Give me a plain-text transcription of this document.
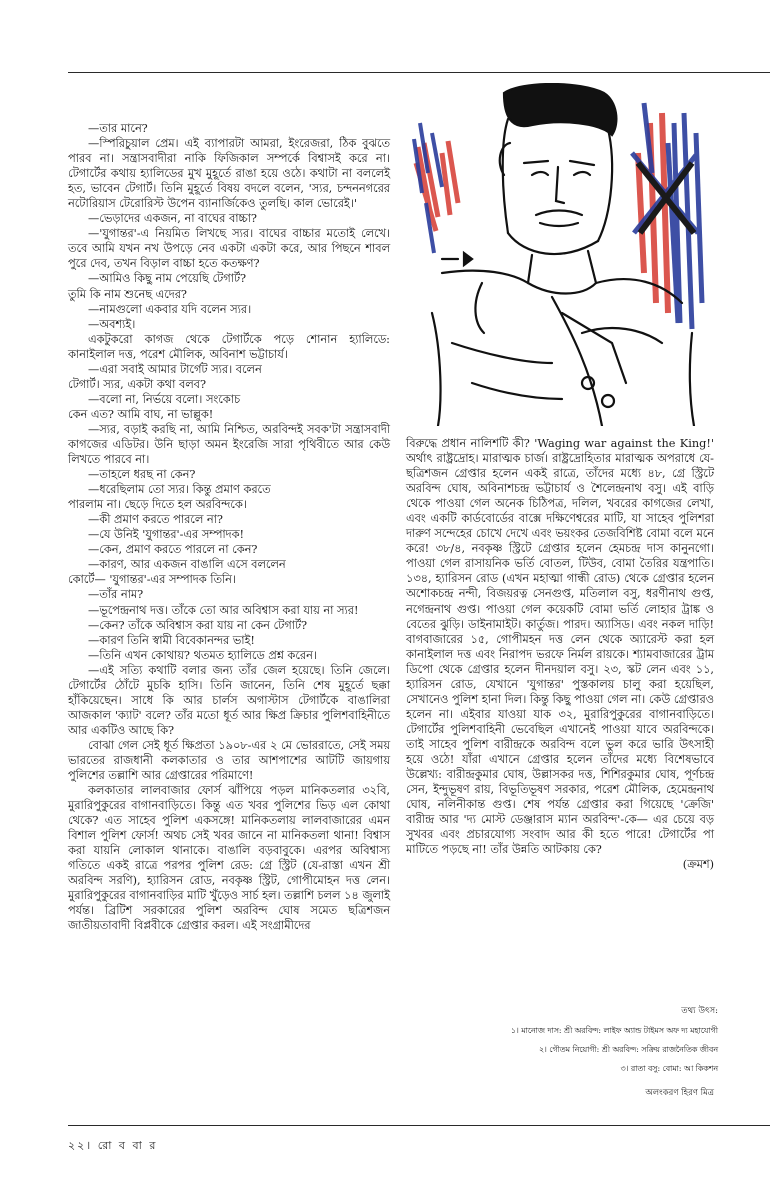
—তার মানে?

—স্পিরিচুয়াল প্রেম। এই ব্যাপারটা আমরা, ইংরেজরা, ঠিক বুঝতে পারব না। সন্ত্রাসবাদীরা নাকি ফিজিকাল সম্পর্কে বিশ্বাসই করে না। টেগার্টের কথায় হ্যালিডের মুখ মুহূর্তে রাঙা হয়ে ওঠে। কথাটা না বললেই হত, ভাবেন টেগার্ট। তিনি মুহূর্তে বিষয় বদলে বলেন, 'স্যর, চন্দননগরের নটোরিয়াস টেরোরিস্ট উপেন ব্যানার্জিকেও তুলছি। কাল ভোরেই।'

—ভেড়াদের একজন, না বাঘের বাচ্চা?

—'যুগান্তর'-এ নিয়মিত লিখছে স্যর। বাঘের বাচ্চার মতোই লেখে। তবে আমি যখন নখ উপড়ে নেব একটা একটা করে, আর পিছনে শাবল পুরে দেব, তখন বিড়াল বাচ্চা হতে কতক্ষণ?

—আমিও কিছু নাম পেয়েছি টেগার্ট?

তুমি কি নাম শুনেছ এদের?

—নামগুলো একবার যদি বলেন স্যর।

—অবশ্যই।

একটুকরো কাগজ থেকে টেগার্টকে পড়ে শোনান হ্যালিডে: কানাইলাল দত্ত, পরেশ মৌলিক, অবিনাশ ভট্টাচার্য।

—এরা সবাই আমার টার্গেট স্যর। বলেন

টেগার্ট। স্যর, একটা কথা বলব?

—বলো না, নির্ভয়ে বলো। সংকোচ

কেন এত? আমি বাঘ, না ভাল্লুক!

—স্যর, বড়াই করছি না, আমি নিশ্চিত, অরবিন্দই সবক'টা সন্ত্রাসবাদী কাগজের এডিটর। উনি ছাড়া অমন ইংরেজি সারা পৃথিবীতে আর কেউ লিখতে পারবে না।

—তাহলে ধরছ না কেন?

—ধরেছিলাম তো স্যর। কিন্তু প্রমাণ করতে

পারলাম না। ছেড়ে দিতে হল অরবিন্দকে।

—কী প্রমাণ করতে পারলে না?

—যে উনিই 'যুগান্তর'-এর সম্পাদক!

—কেন, প্রমাণ করতে পারলে না কেন?

—কারণ, আর একজন বাঙালি এসে বললেন

কোর্টে— 'যুগান্তর'-এর সম্পাদক তিনি।

—তাঁর নাম?

—ভূপেন্দ্রনাথ দত্ত। তাঁকে তো আর অবিশ্বাস করা যায় না স্যর!

—কেন? তাঁকে অবিশ্বাস করা যায় না কেন টেগার্ট?

—কারণ তিনি স্বামী বিবেকানন্দর ভাই!

—তিনি এখন কোথায়? থতমত হ্যালিডে প্রশ্ন করেন।

—এই সত্যি কথাটি বলার জন্য তাঁর জেল হয়েছে। তিনি জেলে। টেগার্টের ঠোঁটে মুচকি হাসি। তিনি জানেন, তিনি শেষ মুহূর্তে ছক্কা হাঁকিয়েছেন। সাধে কি আর চার্লস অগাস্টাস টেগার্টকে বাঙালিরা আজকাল 'ক্যাট' বলে? তাঁর মতো ধূর্ত আর ক্ষিপ্র ক্রিচার পুলিশবাহিনীতে আর একটিও আছে কি?

বোঝা গেল সেই ধূর্ত ক্ষিপ্রতা ১৯০৮-এর ২ মে ভোররাতে, সেই সময় ভারতের রাজধানী কলকাতার ও তার আশপাশের আটটি জায়গায় পুলিশের তল্লাশি আর গ্রেপ্তারের পরিমাণে!

কলকাতার লালবাজার ফোর্স ঝাঁপিয়ে পড়ল মানিকতলার ৩২বি, মুরারিপুকুরের বাগানবাড়িতে। কিন্তু এত খবর পুলিশের ভিড় এল কোথা থেকে? এত সাহেব পুলিশ একসঙ্গে! মানিকতলায় লালবাজারের এমন বিশাল পুলিশ ফোর্স! অথচ সেই খবর জানে না মানিকতলা থানা! বিশ্বাস করা যায়নি লোকাল থানাকে। বাঙালি বড়বাবুকে। এরপর অবিশ্বাস্য গতিতে একই রাত্রে পরপর পুলিশ রেড: গ্রে স্ট্রিট (যে-রাস্তা এখন শ্রী অরবিন্দ সরণি), হ্যারিসন রোড, নবকৃষ্ণ স্ট্রিট, গোপীমোহন দত্ত লেন। মুরারিপুকুরের বাগানবাড়ির মাটি খুঁড়েও সার্চ হল। তল্লাশি চলল ১৪ জুলাই পর্যন্ত। ব্রিটিশ সরকারের পুলিশ অরবিন্দ ঘোষ সমেত ছত্রিশজন জাতীয়তাবাদী বিপ্লবীকে গ্রেপ্তার করল। এই সংগ্রামীদের

বিরুদ্ধে প্রধান নালিশটি কী? 'Waging war against the King!' অর্থাৎ রাষ্ট্রদ্রোহ। মারাত্মক চার্জ। রাষ্ট্রদ্রোহিতার মারাত্মক অপরাধে যে-ছত্রিশজন গ্রেপ্তার হলেন একই রাত্রে, তাঁদের মধ্যে ৪৮, গ্রে স্ট্রিটে অরবিন্দ ঘোষ, অবিনাশচন্দ্র ভট্টাচার্য ও শৈলেন্দ্রনাথ বসু। এই বাড়ি থেকে পাওয়া গেল অনেক চিঠিপত্র, দলিল, খবরের কাগজের লেখা, এবং একটি কার্ডবোর্ডের বাক্সে দক্ষিণেশ্বরের মাটি, যা সাহেব পুলিশরা দারুণ সন্দেহের চোখে দেখে এবং ভয়ংকর তেজবিশিষ্ট বোমা বলে মনে করে! ৩৮/৪, নবকৃষ্ণ স্ট্রিটে গ্রেপ্তার হলেন হেমচন্দ্র দাস কানুনগো। পাওয়া গেল রাসায়নিক ভর্তি বোতল, টিউব, বোমা তৈরির যন্ত্রপাতি। ১৩৪, হ্যারিসন রোড (এখন মহাত্মা গান্ধী রোড) থেকে গ্রেপ্তার হলেন অশোকচন্দ্র নন্দী, বিজয়রত্ন সেনগুপ্ত, মতিলাল বসু, ধরণীনাথ গুপ্ত, নগেন্দ্রনাথ গুপ্ত। পাওয়া গেল কয়েকটি বোমা ভর্তি লোহার ট্রাঙ্ক ও বেতের ঝুড়ি। ডাইনামাইট। কার্তুজ। পারদ। অ্যাসিড। এবং নকল দাড়ি! বাগবাজারের ১৫, গোপীমহন দত্ত লেন থেকে অ্যারেস্ট করা হল কানাইলাল দত্ত এবং নিরাপদ ভরফে নির্মল রায়কে। শ্যামবাজারের ট্রাম ডিপো থেকে গ্রেপ্তার হলেন দীনদয়াল বসু। ২৩, স্কট লেন এবং ১১, হ্যারিসন রোড, যেখানে 'যুগান্তর' পুস্তকালয় চালু করা হয়েছিল, সেখানেও পুলিশ হানা দিল। কিন্তু কিছু পাওয়া গেল না। কেউ গ্রেপ্তারও হলেন না। এইবার যাওয়া যাক ৩২, মুরারিপুকুরের বাগানবাড়িতে। টেগার্টের পুলিশবাহিনী ভেবেছিল এখানেই পাওয়া যাবে অরবিন্দকে। তাই সাহেব পুলিশ বারীন্দ্রকে অরবিন্দ বলে ভুল করে ভারি উৎসাহী হয়ে ওঠে! যাঁরা এখানে গ্রেপ্তার হলেন তাঁদের মধ্যে বিশেষভাবে উল্লেখ্য: বারীন্দ্রকুমার ঘোষ, উল্লাসকর দত্ত, শিশিরকুমার ঘোষ, পূর্ণচন্দ্র সেন, ইন্দুভূষণ রায়, বিভূতিভূষণ সরকার, পরেশ মৌলিক, হেমেন্দ্রনাথ ঘোষ, নলিনীকান্ত গুপ্ত। শেষ পর্যন্ত গ্রেপ্তার করা গিয়েছে 'ক্রেজি' বারীন্দ্র আর 'দ্য মোস্ট ডেঞ্জারাস ম্যান অরবিন্দ'-কে— এর চেয়ে বড় সুখবর এবং প্রচারযোগ্য সংবাদ আর কী হতে পারে! টেগার্টের পা মাটিতে পড়ছে না! তাঁর উন্নতি আটকায় কে?

(ক্রমশ)

তথ্য উৎস:
১। মানোজ দাস: শ্রী অরবিন্দ: লাইফ অ্যান্ড টাইমস অফ দ্য মহাযোগী
২। গৌতম নিয়োগী: শ্রী অরবিন্দ: সক্রিয় রাজনৈতিক জীবন
৩। রাতা বসু: বোমা: আ কিকশন
অলংকরণ হিরণ মিত্র
২২। রো ব বা র
